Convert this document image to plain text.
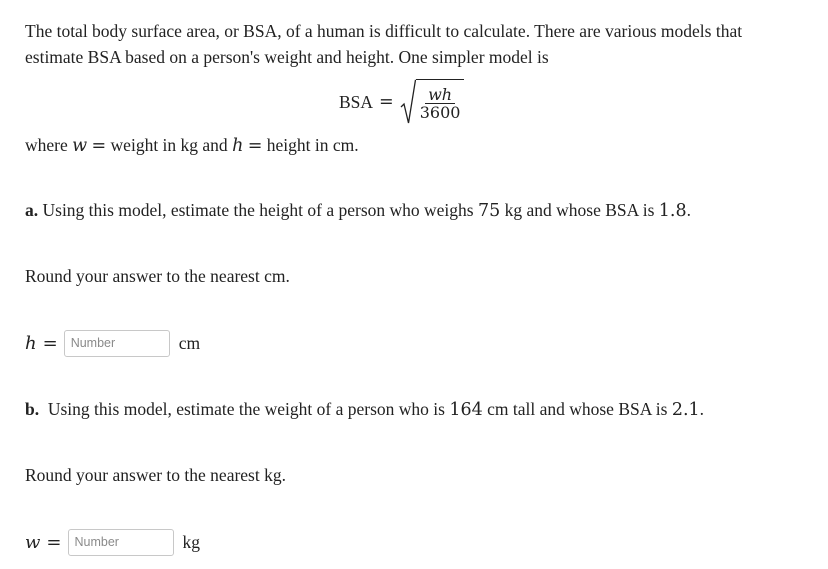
The total body surface area, or BSA, of a human is difficult to calculate. There are various models that estimate BSA based on a person's weight and height. One simpler model is

BSA = $\frac{wh}{3600}$

where w = weight in kg and h = height in cm.

a. Using this model, estimate the height of a person who weighs 75 kg and whose BSA is 1.8.

Round your answer to the nearest cm.

h =
Number	cm

b. Using this model, estimate the weight of a person who is 164 cm tall and whose BSA is 2.1.

Round your answer to the nearest kg.

w =
Number	kg
